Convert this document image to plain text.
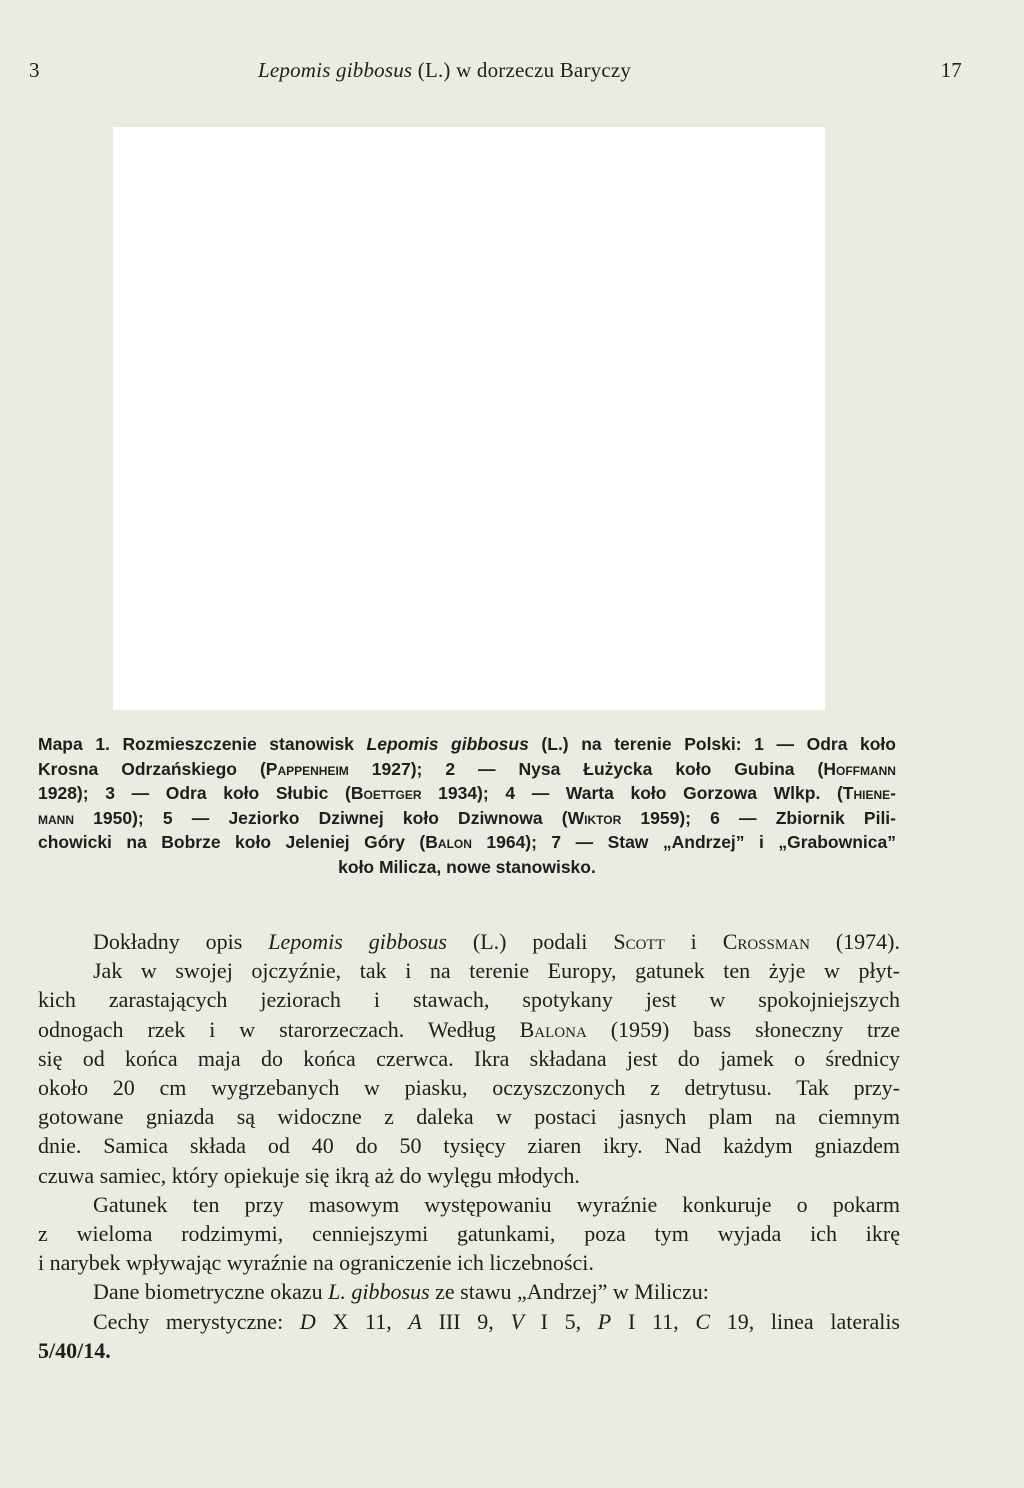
3	Lepomis gibbosus (L.) w dorzeczu Baryczy	17
Mapa 1. Rozmieszczenie stanowisk Lepomis gibbosus (L.) na terenie Polski: 1 — Odra koło
Krosna Odrzańskiego (Pappenheim 1927); 2 — Nysa Łużycka koło Gubina (Hoffmann
1928); 3 — Odra koło Słubic (Boettger 1934); 4 — Warta koło Gorzowa Wlkp. (Thiene-
mann 1950); 5 — Jeziorko Dziwnej koło Dziwnowa (Wiktor 1959); 6 — Zbiornik Pili-
chowicki na Bobrze koło Jeleniej Góry (Balon 1964); 7 — Staw „Andrzej” i „Grabownica”
koło Milicza, nowe stanowisko.
Dokładny opis Lepomis gibbosus (L.) podali Scott i Crossman (1974).
Jak w swojej ojczyźnie, tak i na terenie Europy, gatunek ten żyje w płyt-
kich zarastających jeziorach i stawach, spotykany jest w spokojniejszych
odnogach rzek i w starorzeczach. Według Balona (1959) bass słoneczny trze
się od końca maja do końca czerwca. Ikra składana jest do jamek o średnicy
około 20 cm wygrzebanych w piasku, oczyszczonych z detrytusu. Tak przy-
gotowane gniazda są widoczne z daleka w postaci jasnych plam na ciemnym
dnie. Samica składa od 40 do 50 tysięcy ziaren ikry. Nad każdym gniazdem
czuwa samiec, który opiekuje się ikrą aż do wylęgu młodych.
Gatunek ten przy masowym występowaniu wyraźnie konkuruje o pokarm
z wieloma rodzimymi, cenniejszymi gatunkami, poza tym wyjada ich ikrę
i narybek wpływając wyraźnie na ograniczenie ich liczebności.
Dane biometryczne okazu L. gibbosus ze stawu „Andrzej” w Miliczu:
Cechy merystyczne: D X 11, A III 9, V I 5, P I 11, C 19, linea lateralis
5/40/14.
